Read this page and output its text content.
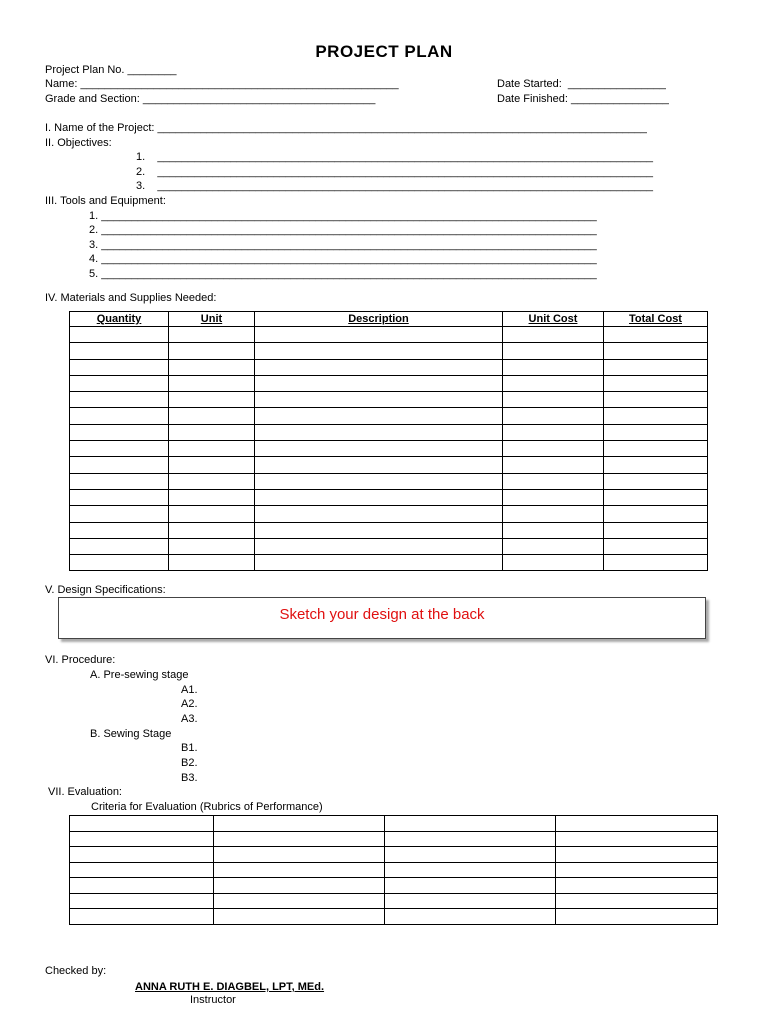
PROJECT PLAN
Project Plan No. ________
Name: ____________________________________________________
Grade and Section: ______________________________________
Date Started:  ________________
Date Finished: ________________
I. Name of the Project: ________________________________________________________________________________
II. Objectives:
1.    _________________________________________________________________________________
2.    _________________________________________________________________________________
3.    _________________________________________________________________________________
III. Tools and Equipment:
1. _________________________________________________________________________________
2. _________________________________________________________________________________
3. _________________________________________________________________________________
4. _________________________________________________________________________________
5. _________________________________________________________________________________
IV. Materials and Supplies Needed:
Quantity	Unit	Description	Unit Cost	Total Cost

V. Design Specifications:
Sketch your design at the back
VI. Procedure:
A. Pre-sewing stage
A1.
A2.
A3.
B. Sewing Stage
B1.
B2.
B3.
VII. Evaluation:
Criteria for Evaluation (Rubrics of Performance)

Checked by:
ANNA RUTH E. DIAGBEL, LPT, MEd.
Instructor
